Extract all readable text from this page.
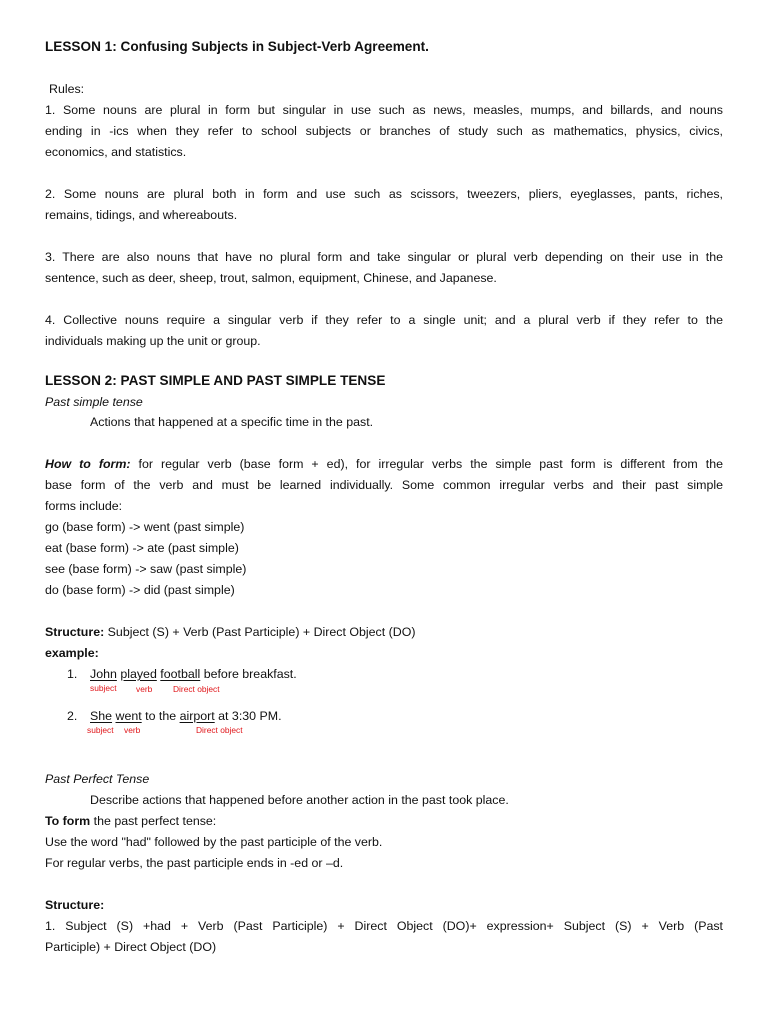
LESSON 1: Confusing Subjects in Subject-Verb Agreement.
Rules:
1. Some nouns are plural in form but singular in use such as news, measles, mumps, and billards, and nouns
ending in -ics when they refer to school subjects or branches of study such as mathematics, physics, civics,
economics, and statistics.
2. Some nouns are plural both in form and use such as scissors, tweezers, pliers, eyeglasses, pants, riches,
remains, tidings, and whereabouts.
3. There are also nouns that have no plural form and take singular or plural verb depending on their use in the
sentence, such as deer, sheep, trout, salmon, equipment, Chinese, and Japanese.
4. Collective nouns require a singular verb if they refer to a single unit; and a plural verb if they refer to the
individuals making up the unit or group.
LESSON 2: PAST SIMPLE AND PAST SIMPLE TENSE
Past simple tense
Actions that happened at a specific time in the past.
How to form: for regular verb (base form + ed), for irregular verbs the simple past form is different from the
base form of the verb and must be learned individually. Some common irregular verbs and their past simple
forms include:
go (base form) -> went (past simple)
eat (base form) -> ate (past simple)
see (base form) -> saw (past simple)
do (base form) -> did (past simple)
Structure: Subject (S) + Verb (Past Participle) + Direct Object (DO)
example:
1. John played football before breakfast.
subject verb Direct object
2. She went to the airport at 3:30 PM.
subject verb	Direct object
Past Perfect Tense
Describe actions that happened before another action in the past took place.
To form the past perfect tense:
Use the word "had" followed by the past participle of the verb.
For regular verbs, the past participle ends in -ed or –d.
Structure:
1. Subject (S) +had + Verb (Past Participle) + Direct Object (DO)+ expression+ Subject (S) + Verb (Past
Participle) + Direct Object (DO)
